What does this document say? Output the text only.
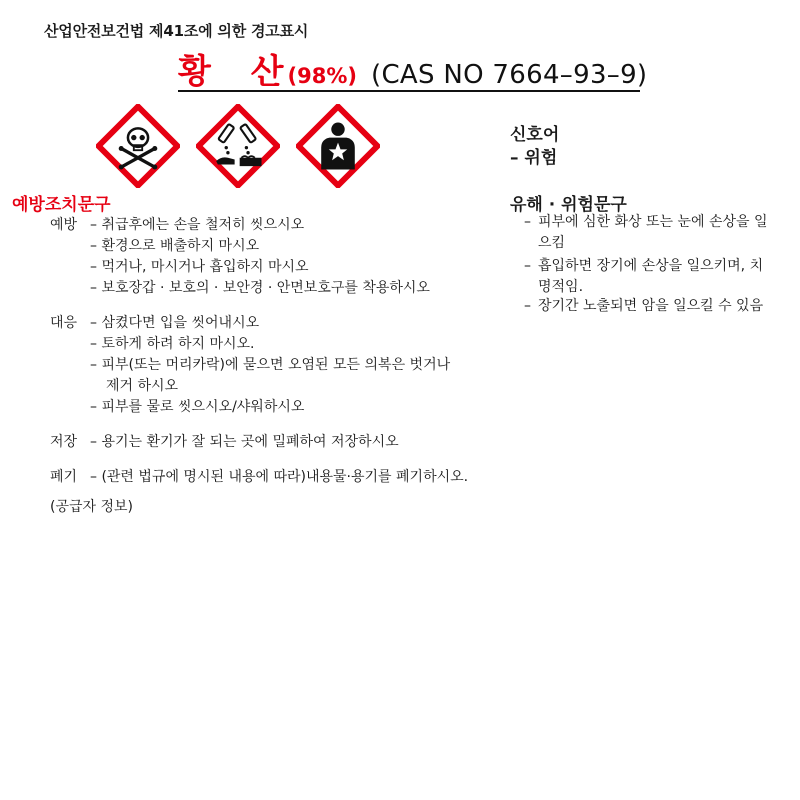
산업안전보건법 제41조에 의한 경고표시
황 산
(98%) (CAS NO 7664–93–9)
신호어
– 위험
예방조치문구
예방 – 취급후에는 손을 철저히 씻으시오
– 환경으로 배출하지 마시오
– 먹거나, 마시거나 흡입하지 마시오
– 보호장갑 · 보호의 · 보안경 · 안면보호구를 착용하시오
대응 – 삼켰다면 입을 씻어내시오
– 토하게 하려 하지 마시오.
– 피부(또는 머리카락)에 묻으면 오염된 모든 의복은 벗거나
제거 하시오
– 피부를 물로 씻으시오/샤워하시오
저장 – 용기는 환기가 잘 되는 곳에 밀폐하여 저장하시오
폐기 – (관련 법규에 명시된 내용에 따라)내용물·용기를 폐기하시오.
(공급자 정보)
유해 · 위험문구
– 피부에 심한 화상 또는 눈에 손상을 일으킴
– 흡입하면 장기에 손상을 일으키며, 치명적임.
– 장기간 노출되면 암을 일으킬 수 있음
